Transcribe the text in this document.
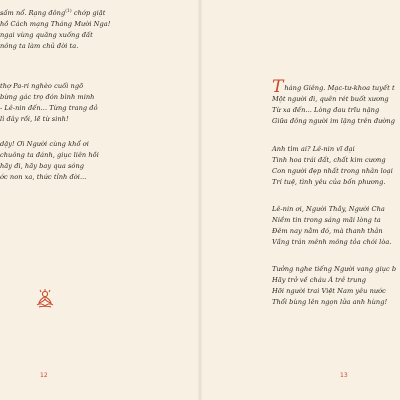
sấm nổ. Rạng đông$^{(1)}$ chớp giật
hồ Cách mạng Tháng Mười Nga!
ngại vùng quăng xuống đất
nông ta làm chủ đời ta.
thợ Pa-ri nghèo cuối ngõ
bừng gác trọ đón bình minh
- Lê-nin đến... Từng trang đỏ
lì đây rồi, lẽ từ sinh!
dậy! Ơi Người cùng khổ ơi
chuông ta đánh, giục liên hồi
hãy đi, hãy bay qua sóng
ớc non xa, thức tỉnh đời...
12
Tháng Giêng. Mạc-tư-khoa tuyết t
Một người đi, quên rét buốt xương
Từ xa đến... Lòng đau trĩu nặng
Giữa đông người im lặng trên đường
Anh tìm ai? Lê-nin vĩ đại
Tinh hoa trái đất, chất kim cương
Con người đẹp nhất trong nhân loại
Trí tuệ, tình yêu của bốn phương.
Lê-nin ơi, Người Thầy, Người Cha
Niềm tin trong sáng mãi lòng ta
Đêm nay nằm đó, mà thanh thản
Vầng trán mênh mông tỏa chói lòa.
Tưởng nghe tiếng Người vang giục b
Hãy trở về cháu Á trẻ trung
Hỡi người trai Việt Nam yêu nước
Thổi bùng lên ngọn lửa anh hùng!
13
